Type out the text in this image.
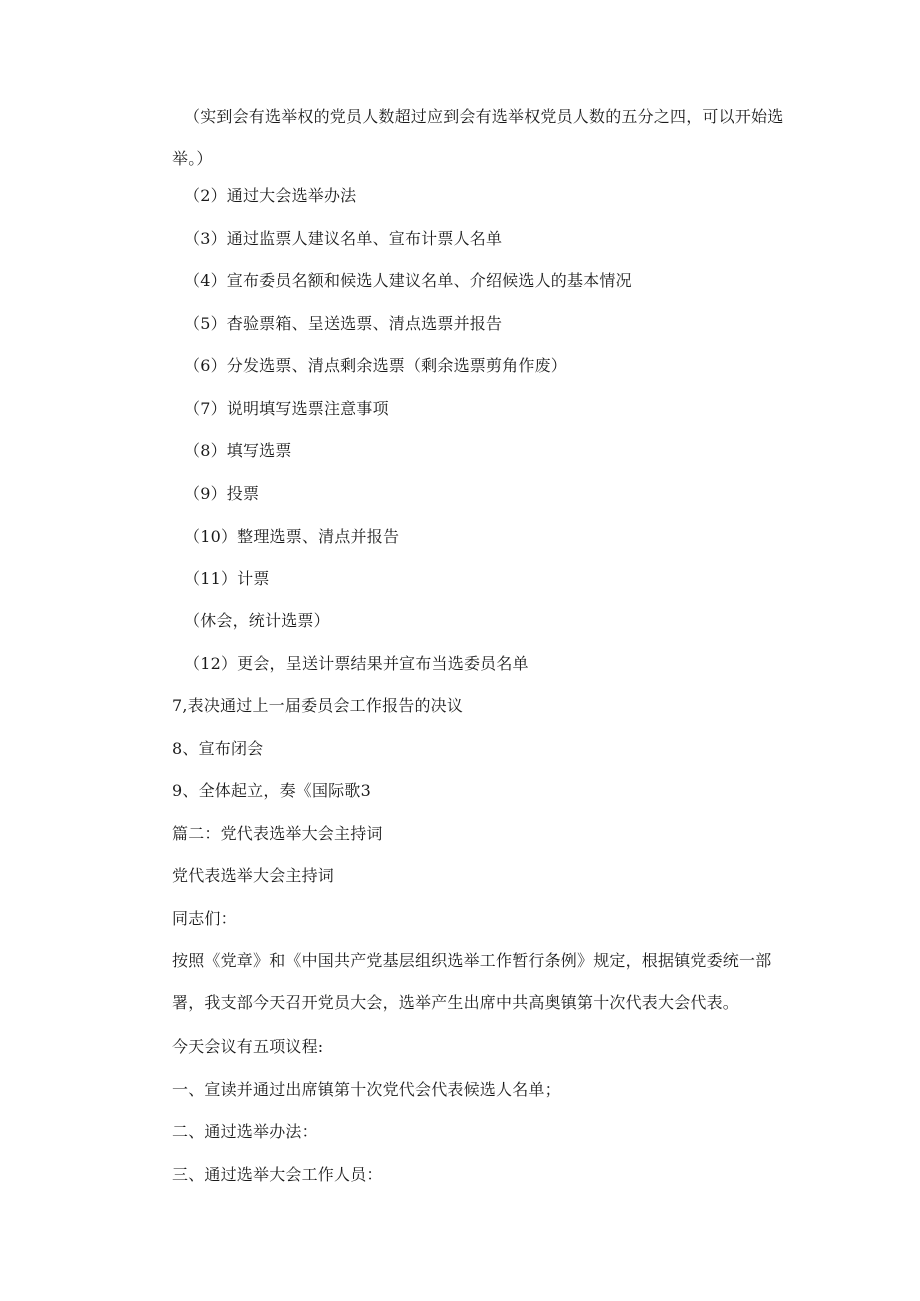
（实到会有选举权的党员人数超过应到会有选举权党员人数的五分之四，可以开始选举。）
（2）通过大会选举办法
（3）通过监票人建议名单、宣布计票人名单
（4）宣布委员名额和候选人建议名单、介绍候选人的基本情况
（5）杳验票箱、呈送选票、清点选票并报告
（6）分发选票、清点剩余选票（剩余选票剪角作废）
（7）说明填写选票注意事项
（8）填写选票
（9）投票
（10）整理选票、清点并报告
（11）计票
（休会，统计选票）
（12）更会，呈送计票结果并宣布当选委员名单
7,表决通过上一届委员会工作报告的决议
8、宣布闭会
9、全体起立，奏《国际歌3
篇二：党代表选举大会主持词
党代表选举大会主持词
同志们：
按照《党章》和《中国共产党基层组织选举工作暂行条例》规定，根据镇党委统一部署，我支部今天召开党员大会，选举产生出席中共高奥镇第十次代表大会代表。
今天会议有五项议程:
一、宣读并通过出席镇第十次党代会代表候选人名单；
二、通过选举办法：
三、通过选举大会工作人员：
